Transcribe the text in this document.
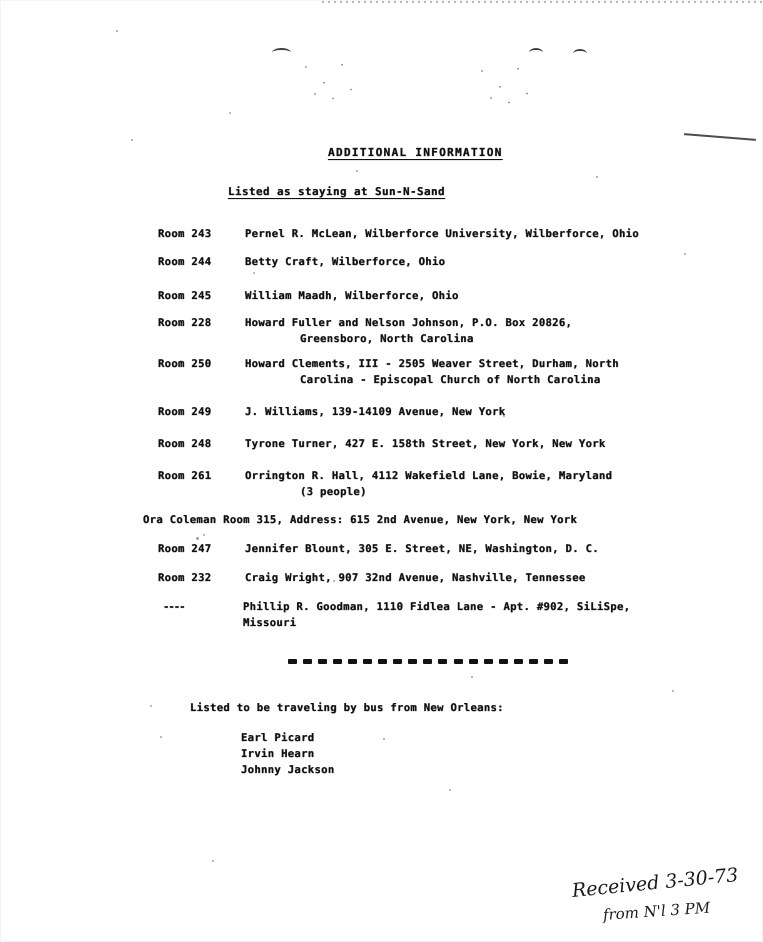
ADDITIONAL INFORMATION
Listed as staying at Sun-N-Sand
Room 243	Pernel R. McLean, Wilberforce University, Wilberforce, Ohio
Room 244	Betty Craft, Wilberforce, Ohio
Room 245	William Maadh, Wilberforce, Ohio
Room 228	Howard Fuller and Nelson Johnson, P.O. Box 20826,
Greensboro, North Carolina
Room 250	Howard Clements, III - 2505 Weaver Street, Durham, North
Carolina - Episcopal Church of North Carolina
Room 249	J. Williams, 139-14109 Avenue, New York
Room 248	Tyrone Turner, 427 E. 158th Street, New York, New York
Room 261	Orrington R. Hall, 4112 Wakefield Lane, Bowie, Maryland
(3 people)
Ora Coleman Room 315, Address: 615 2nd Avenue, New York, New York
Room 247	Jennifer Blount, 305 E. Street, NE, Washington, D. C.
Room 232	Craig Wright, 907 32nd Avenue, Nashville, Tennessee
----	Phillip R. Goodman, 1110 Fidlea Lane - Apt. #902, SiLiSpe,
Missouri
Listed to be traveling by bus from New Orleans:
Earl Picard
Irvin Hearn
Johnny Jackson
Received 3-30-73
from N'l 3 PM
